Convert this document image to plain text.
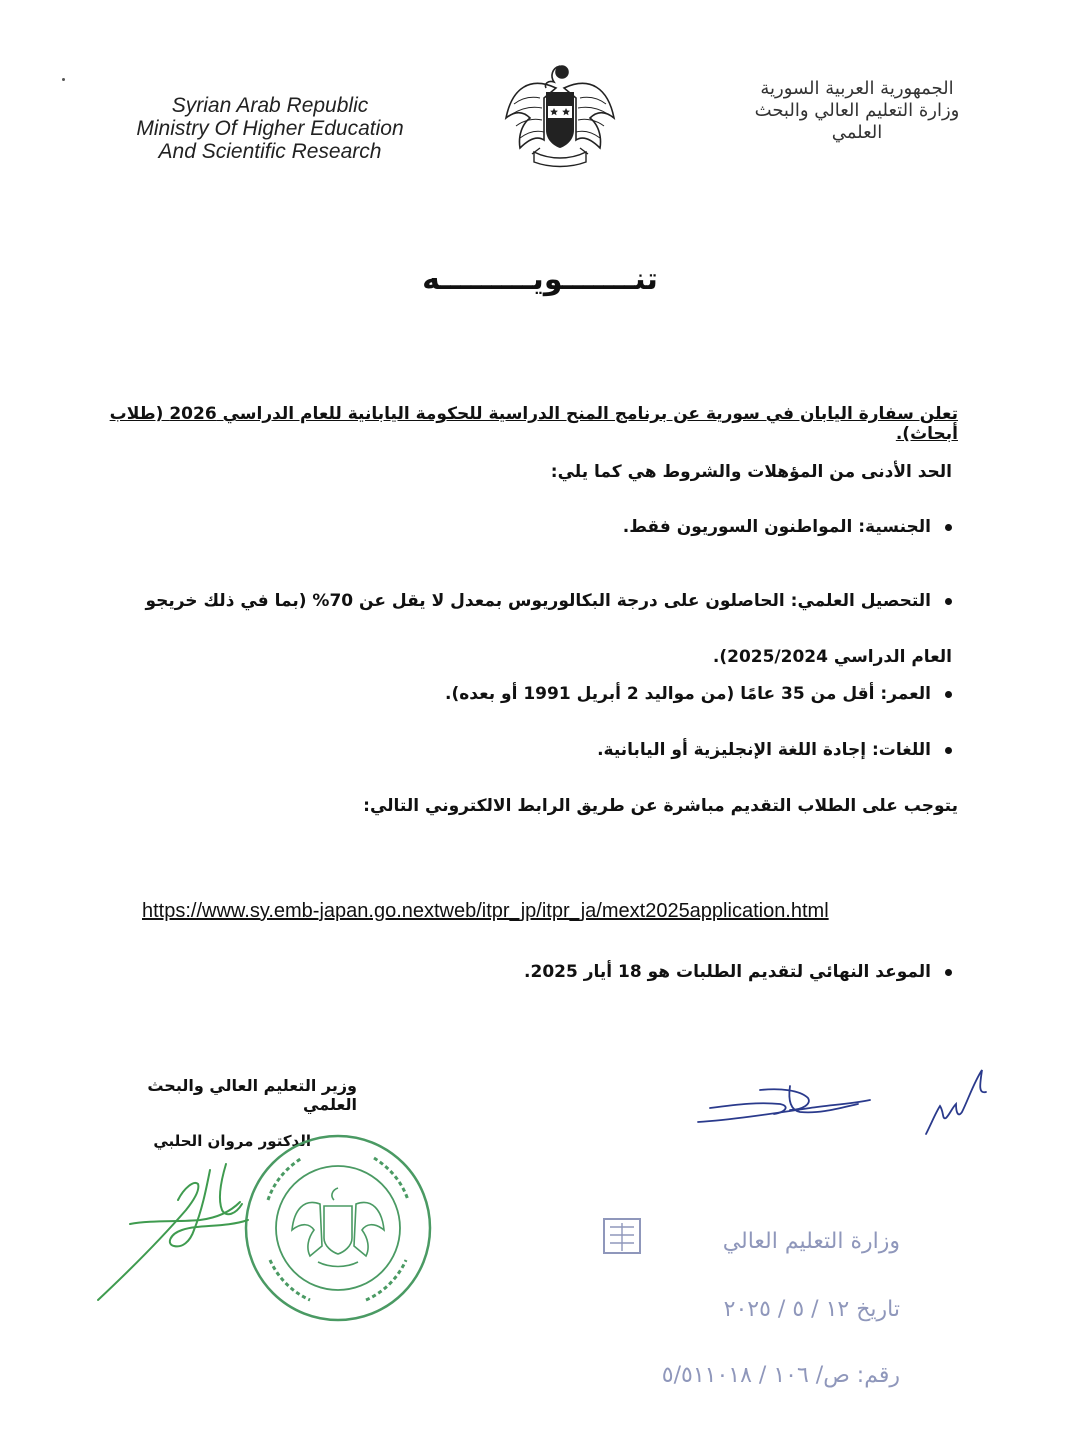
Syrian Arab Republic
Ministry Of Higher Education
And Scientific Research
الجمهورية العربية السورية
وزارة التعليم العالي والبحث
العلمي
تنـــــــويـــــــــه
تعلن سفارة اليابان في سورية عن برنامج المنح الدراسية للحكومة اليابانية للعام الدراسي 2026 (طلاب أبحاث).
الحد الأدنى من المؤهلات والشروط هي كما يلي:
الجنسية: المواطنون السوريون فقط.
التحصيل العلمي: الحاصلون على درجة البكالوريوس بمعدل لا يقل عن 70% (بما في ذلك خريجو العام الدراسي 2025/2024).
العمر: أقل من 35 عامًا (من مواليد 2 أبريل 1991 أو بعده).
اللغات: إجادة اللغة الإنجليزية أو اليابانية.
يتوجب على الطلاب التقديم مباشرة عن طريق الرابط الالكتروني التالي:
https://www.sy.emb-japan.go.nextweb/itpr_jp/itpr_ja/mext2025application.html
الموعد النهائي لتقديم الطلبات هو 18 أيار 2025.
وزير التعليم العالي والبحث العلمي
الدكتور مروان الحلبي
وزارة التعليم العالي
تاريخ ١٢ / ٥ / ٢٠٢٥
رقم: ص/ ١٠٦ / ٥/٥١١٠١٨
